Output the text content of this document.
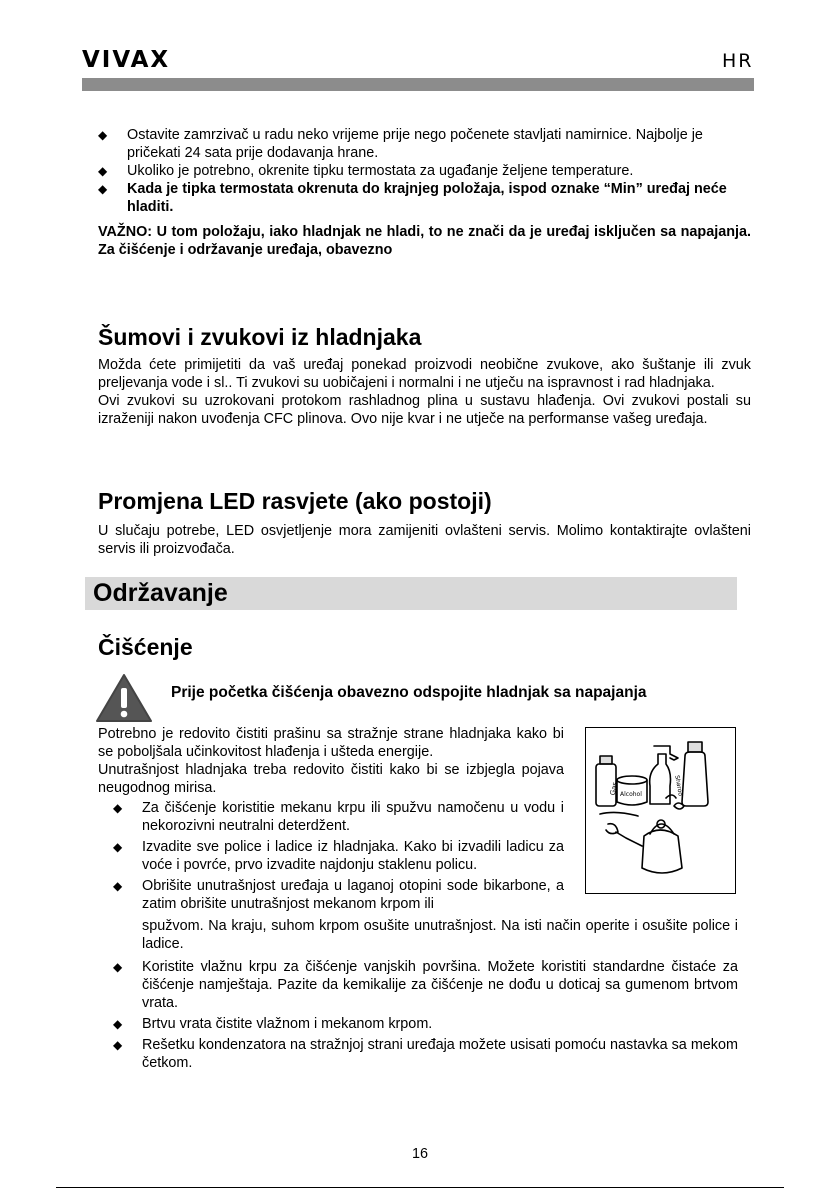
VIVAX	HR
◆ Ostavite zamrzivač u radu neko vrijeme prije nego počenete stavljati namirnice. Najbolje je pričekati 24 sata prije dodavanja hrane.
◆ Ukoliko je potrebno, okrenite tipku termostata za ugađanje željene temperature.
◆ Kada je tipka termostata okrenuta do krajnjeg položaja, ispod oznake “Min” uređaj neće hladiti.
VAŽNO: U tom položaju, iako hladnjak ne hladi, to ne znači da je uređaj isključen sa napajanja. Za čišćenje i održavanje uređaja, obavezno
Šumovi i zvukovi iz hladnjaka
Možda ćete primijetiti da vaš uređaj ponekad proizvodi neobične zvukove, ako šuštanje ili zvuk preljevanja vode i sl.. Ti zvukovi su uobičajeni i normalni i ne utječu na ispravnost i rad hladnjaka.
Ovi zvukovi su uzrokovani protokom rashladnog plina u sustavu hlađenja. Ovi zvukovi postali su izraženiji nakon uvođenja CFC plinova. Ovo nije kvar i ne utječe na performanse vašeg uređaja.
Promjena LED rasvjete (ako postoji)
U slučaju potrebe, LED osvjetljenje mora zamijeniti ovlašteni servis. Molimo kontaktirajte ovlašteni servis ili proizvođača.
Održavanje
Čišćenje
Prije početka čišćenja obavezno odspojite hladnjak sa napajanja
Potrebno je redovito čistiti prašinu sa stražnje strane hladnjaka kako bi se poboljšala učinkovitost hlađenja i ušteda energije.
Unutrašnjost hladnjaka treba redovito čistiti kako bi se izbjegla pojava neugodnog mirisa.
◆ Za čišćenje koristitie mekanu krpu ili spužvu namočenu u vodu i nekorozivni neutralni deterdžent.
◆ Izvadite sve police i ladice iz hladnjaka. Kako bi izvadili ladicu za voće i povrće, prvo izvadite najdonju staklenu policu.
◆ Obrišite unutrašnjost uređaja u laganoj otopini sode bikarbone, a zatim obrišite unutrašnjost mekanom krpom ili
spužvom. Na kraju, suhom krpom osušite unutrašnjost. Na isti način operite i osušite police i ladice.
◆ Koristite vlažnu krpu za čišćenje vanjskih površina. Možete koristiti standardne čistaće za čišćenje namještaja. Pazite da kemikalije za čišćenje ne dođu u doticaj sa gumenom brtvom vrata.
◆ Brtvu vrata čistite vlažnom i mekanom krpom.
◆ Rešetku kondenzatora na stražnjoj strani uređaja možete usisati pomoću nastavka sa mekom četkom.
Gas Alcohol	Sharoo
16
